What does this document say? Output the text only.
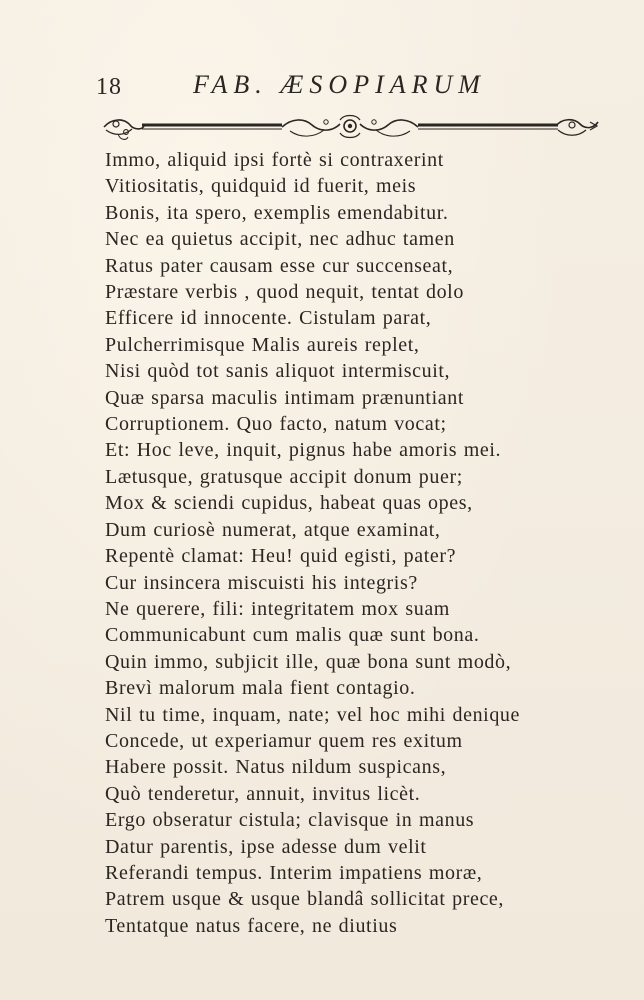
18	FAB. ÆSOPIARUM
Immo, aliquid ipsi fortè si contraxerint
Vitiositatis, quidquid id fuerit, meis
Bonis, ita spero, exemplis emendabitur.
Nec ea quietus accipit, nec adhuc tamen
Ratus pater causam esse cur succenseat,
Præstare verbis , quod nequit, tentat dolo
Efficere id innocente. Cistulam parat,
Pulcherrimisque Malis aureis replet,
Nisi quòd tot sanis aliquot intermiscuit,
Quæ sparsa maculis intimam prænuntiant
Corruptionem. Quo facto, natum vocat;
Et: Hoc leve, inquit, pignus habe amoris mei.
Lætusque, gratusque accipit donum puer;
Mox & sciendi cupidus, habeat quas opes,
Dum curiosè numerat, atque examinat,
Repentè clamat: Heu! quid egisti, pater?
Cur insincera miscuisti his integris?
Ne querere, fili: integritatem mox suam
Communicabunt cum malis quæ sunt bona.
Quin immo, subjicit ille, quæ bona sunt modò,
Brevì malorum mala fient contagio.
Nil tu time, inquam, nate; vel hoc mihi denique
Concede, ut experiamur quem res exitum
Habere possit. Natus nildum suspicans,
Quò tenderetur, annuit, invitus licèt.
Ergo obseratur cistula; clavisque in manus
Datur parentis, ipse adesse dum velit
Referandi tempus. Interim impatiens moræ,
Patrem usque & usque blandâ sollicitat prece,
Tentatque natus facere, ne diutius
